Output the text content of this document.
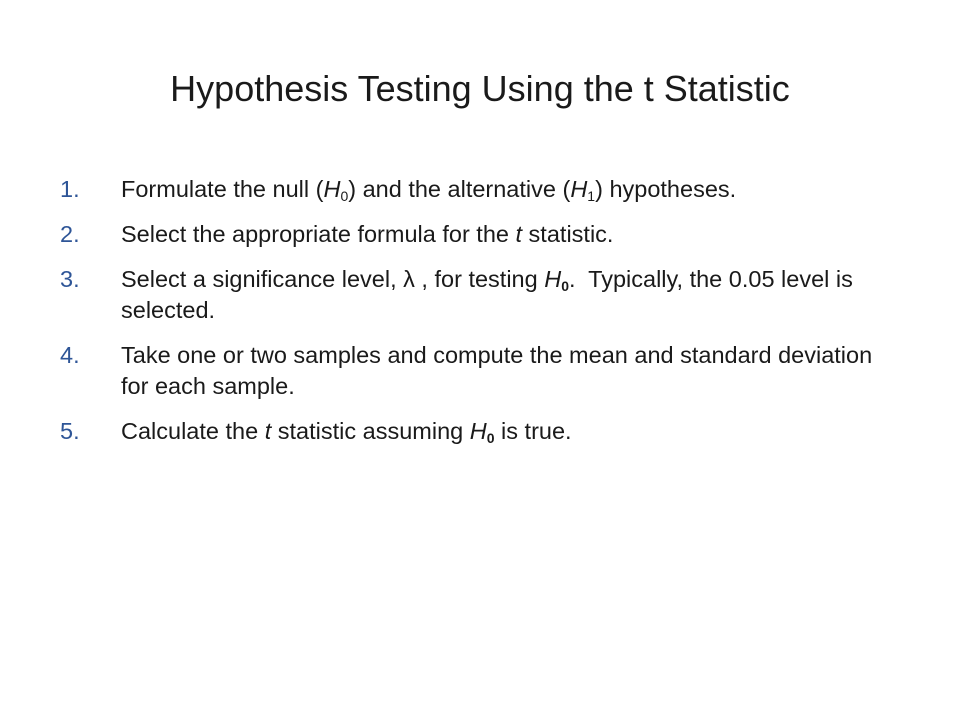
Hypothesis Testing Using the t Statistic
1.	Formulate the null $(H_0)$ and the alternative $(H_1)$ hypotheses.
2.	Select the appropriate formula for the t statistic.
3.	Select a significance level, λ , for testing $H_0$.  Typically, the 0.05 level is selected.
4.	Take one or two samples and compute the mean and standard deviation for each sample.
5.	Calculate the t statistic assuming $H_0$ is true.
